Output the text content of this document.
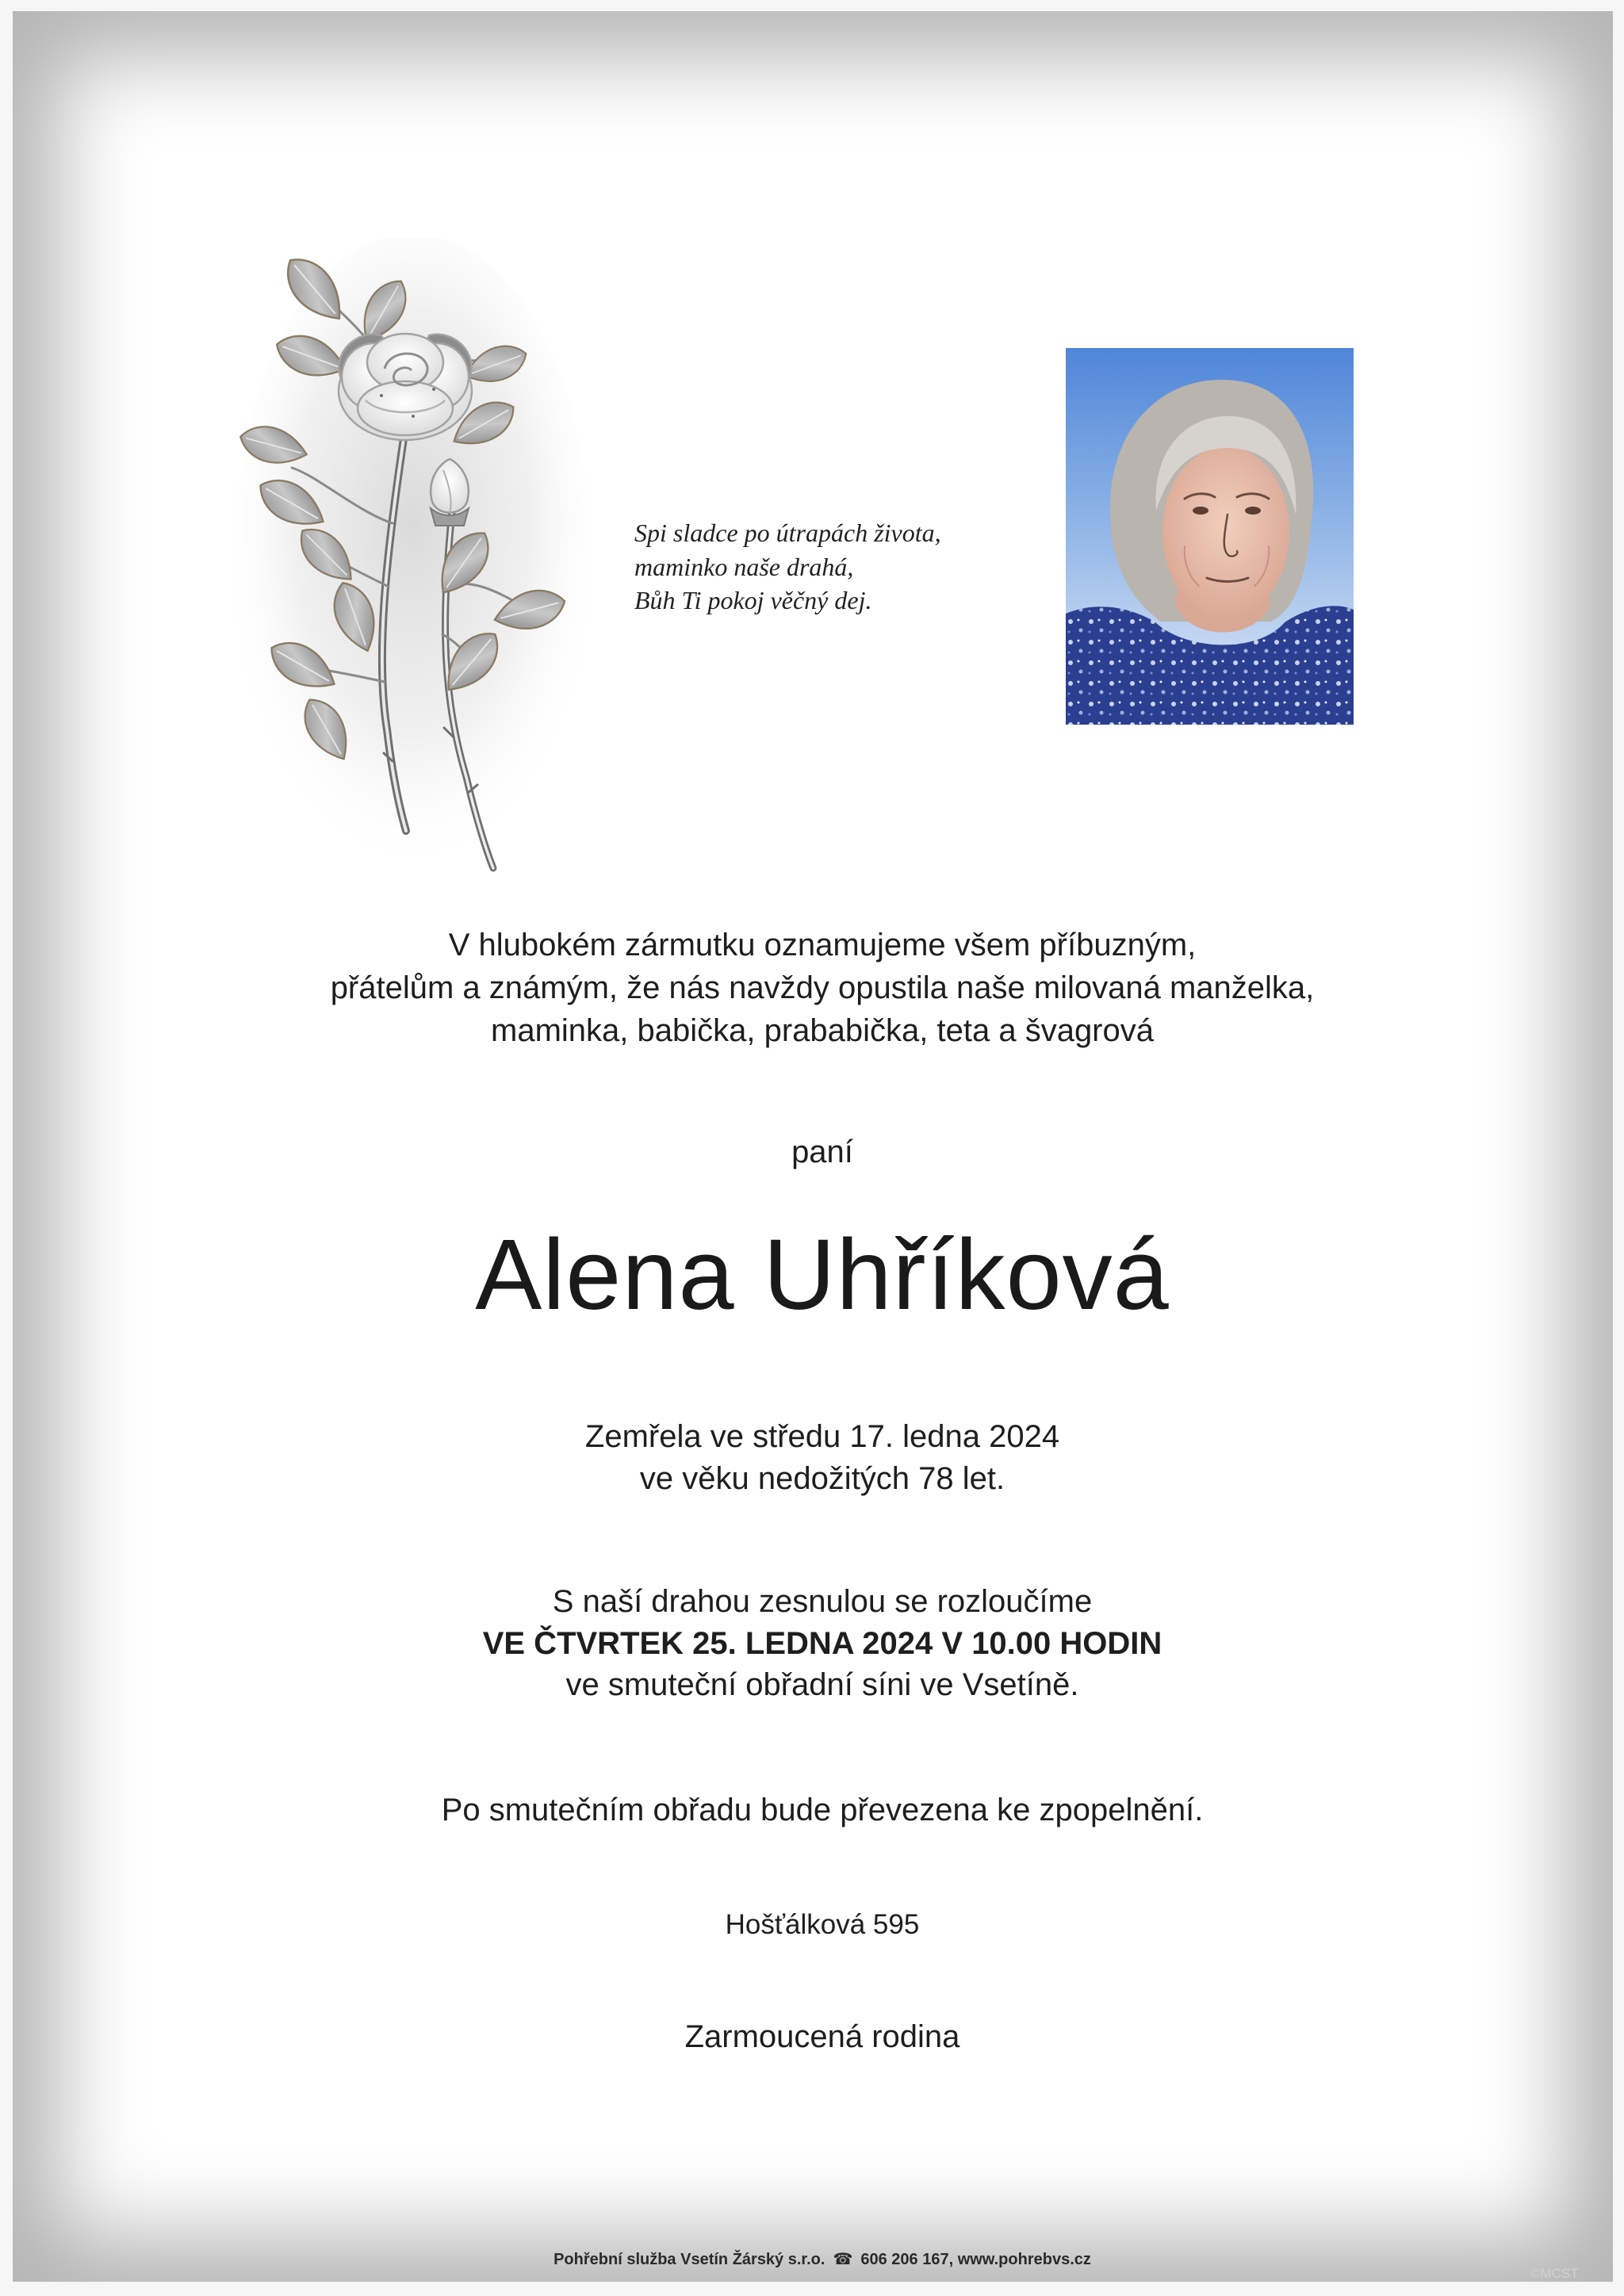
Spi sladce po útrapách života,
maminko naše drahá,
Bůh Ti pokoj věčný dej.
V hlubokém zármutku oznamujeme všem příbuzným,
přátelům a známým, že nás navždy opustila naše milovaná manželka,
maminka, babička, prababička, teta a švagrová
paní
Alena Uhříková
Zemřela ve středu 17. ledna 2024
ve věku nedožitých 78 let.
S naší drahou zesnulou se rozloučíme
VE ČTVRTEK 25. LEDNA 2024 V 10.00 HODIN
ve smuteční obřadní síni ve Vsetíně.
Po smutečním obřadu bude převezena ke zpopelnění.
Hošťálková 595
Zarmoucená rodina
Pohřební služba Vsetín Žárský s.r.o.☎ 606 206 167, www.pohrebvs.cz
©MCST
